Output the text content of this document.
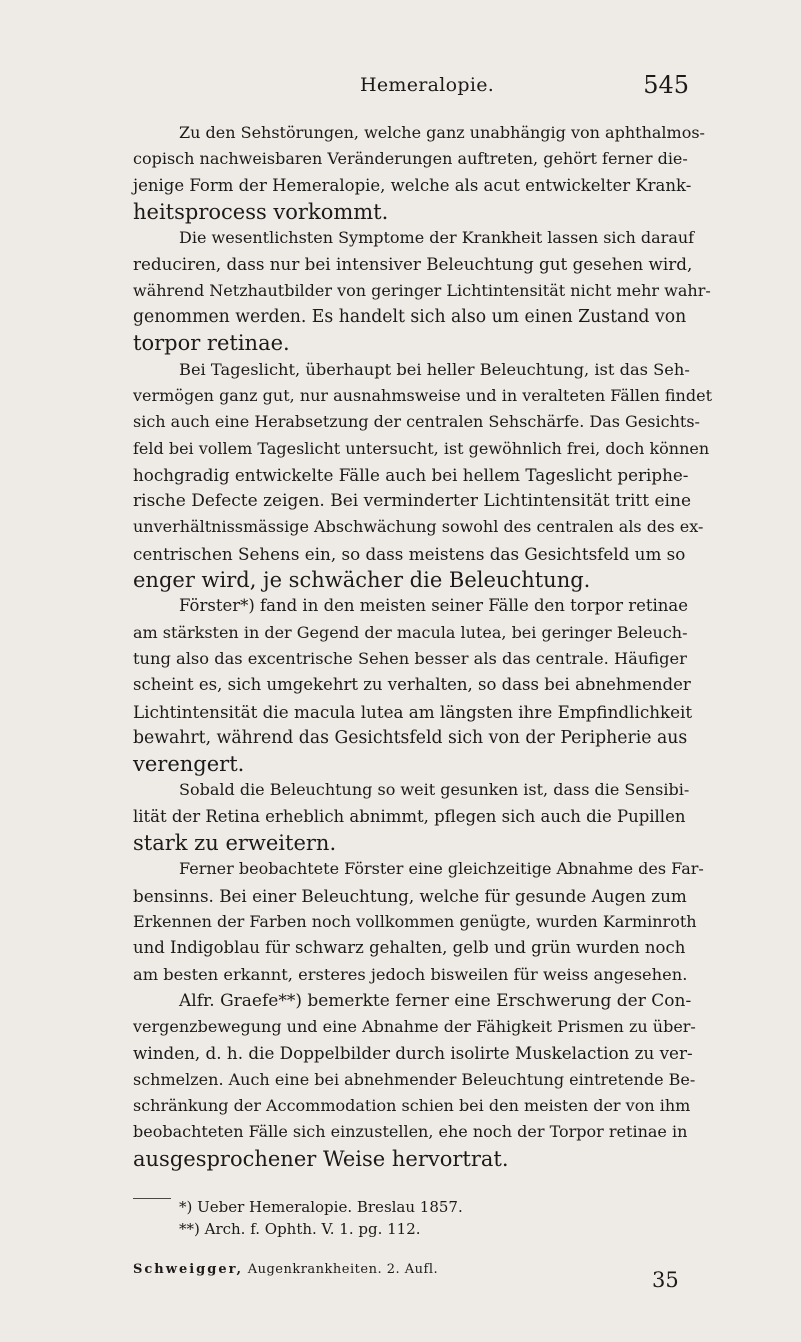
Hemeralopie.	545
Zu den Sehstörungen, welche ganz unabhängig von aphthalmos-
copisch nachweisbaren Veränderungen auftreten, gehört ferner die-
jenige Form der Hemeralopie, welche als acut entwickelter Krank-
heitsprocess vorkommt.
Die wesentlichsten Symptome der Krankheit lassen sich darauf
reduciren, dass nur bei intensiver Beleuchtung gut gesehen wird,
während Netzhautbilder von geringer Lichtintensität nicht mehr wahr-
genommen werden. Es handelt sich also um einen Zustand von
torpor retinae.
Bei Tageslicht, überhaupt bei heller Beleuchtung, ist das Seh-
vermögen ganz gut, nur ausnahmsweise und in veralteten Fällen findet
sich auch eine Herabsetzung der centralen Sehschärfe. Das Gesichts-
feld bei vollem Tageslicht untersucht, ist gewöhnlich frei, doch können
hochgradig entwickelte Fälle auch bei hellem Tageslicht periphe-
rische Defecte zeigen. Bei verminderter Lichtintensität tritt eine
unverhältnissmässige Abschwächung sowohl des centralen als des ex-
centrischen Sehens ein, so dass meistens das Gesichtsfeld um so
enger wird, je schwächer die Beleuchtung.
Förster*) fand in den meisten seiner Fälle den torpor retinae
am stärksten in der Gegend der macula lutea, bei geringer Beleuch-
tung also das excentrische Sehen besser als das centrale. Häufiger
scheint es, sich umgekehrt zu verhalten, so dass bei abnehmender
Lichtintensität die macula lutea am längsten ihre Empfindlichkeit
bewahrt, während das Gesichtsfeld sich von der Peripherie aus
verengert.
Sobald die Beleuchtung so weit gesunken ist, dass die Sensibi-
lität der Retina erheblich abnimmt, pflegen sich auch die Pupillen
stark zu erweitern.
Ferner beobachtete Förster eine gleichzeitige Abnahme des Far-
bensinns. Bei einer Beleuchtung, welche für gesunde Augen zum
Erkennen der Farben noch vollkommen genügte, wurden Karminroth
und Indigoblau für schwarz gehalten, gelb und grün wurden noch
am besten erkannt, ersteres jedoch bisweilen für weiss angesehen.
Alfr. Graefe**) bemerkte ferner eine Erschwerung der Con-
vergenzbewegung und eine Abnahme der Fähigkeit Prismen zu über-
winden, d. h. die Doppelbilder durch isolirte Muskelaction zu ver-
schmelzen. Auch eine bei abnehmender Beleuchtung eintretende Be-
schränkung der Accommodation schien bei den meisten der von ihm
beobachteten Fälle sich einzustellen, ehe noch der Torpor retinae in
ausgesprochener Weise hervortrat.
*) Ueber Hemeralopie. Breslau 1857.
**) Arch. f. Ophth. V. 1. pg. 112.
Schweigger, Augenkrankheiten. 2. Aufl.	35
